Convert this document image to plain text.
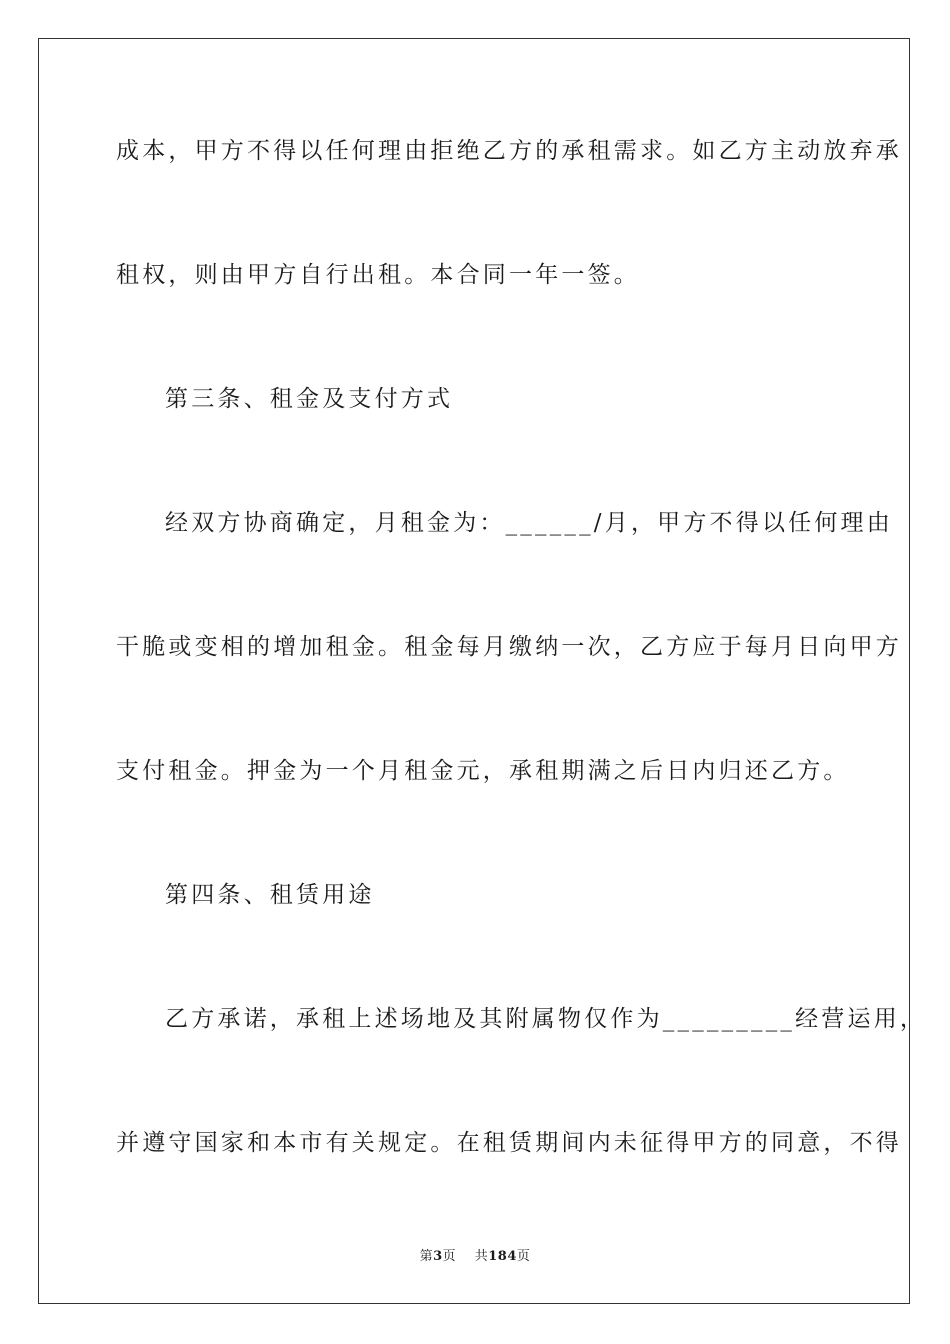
成本，甲方不得以任何理由拒绝乙方的承租需求。如乙方主动放弃承
租权，则由甲方自行出租。本合同一年一签。
第三条、租金及支付方式
经双方协商确定，月租金为：______/月，甲方不得以任何理由
干脆或变相的增加租金。租金每月缴纳一次，乙方应于每月日向甲方
支付租金。押金为一个月租金元，承租期满之后日内归还乙方。
第四条、租赁用途
乙方承诺，承租上述场地及其附属物仅作为_________经营运用，
并遵守国家和本市有关规定。在租赁期间内未征得甲方的同意，不得
第3页 共184页
